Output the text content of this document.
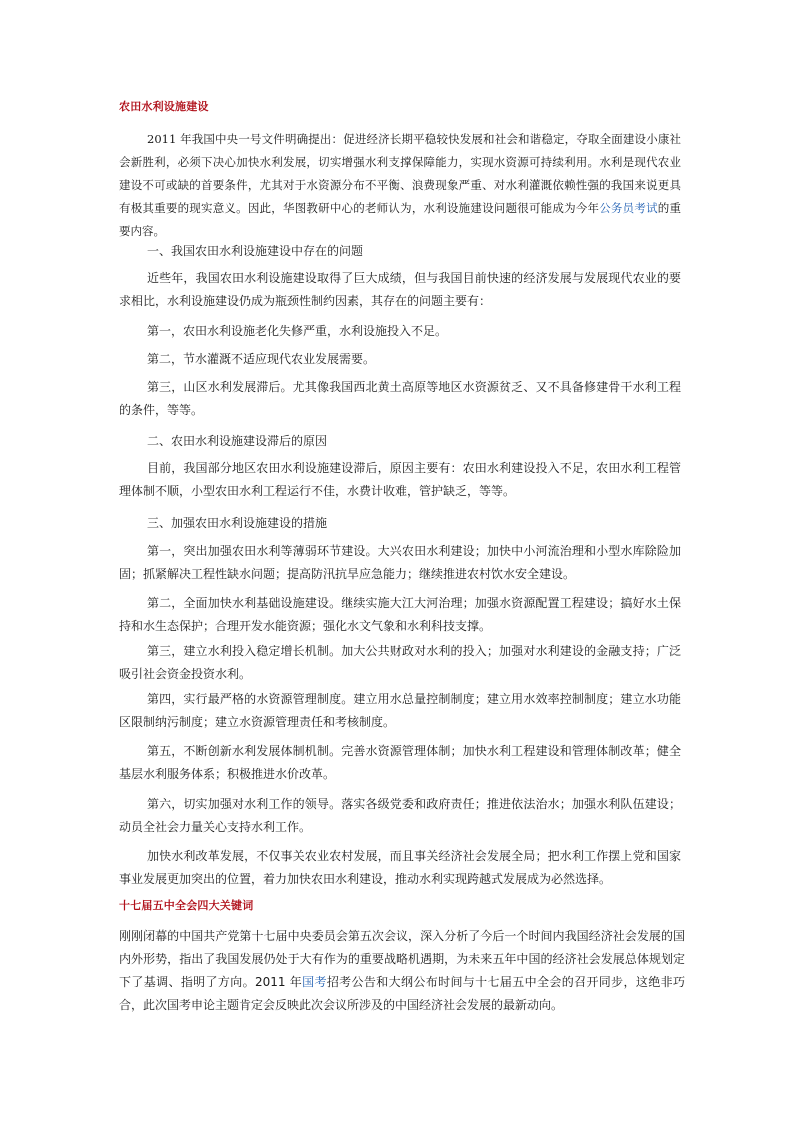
农田水利设施建设

2011 年我国中央一号文件明确提出：促进经济长期平稳较快发展和社会和谐稳定，夺取全面建设小康社会新胜利，必须下决心加快水利发展，切实增强水利支撑保障能力，实现水资源可持续利用。水利是现代农业建设不可或缺的首要条件，尤其对于水资源分布不平衡、浪费现象严重、对水利灌溉依赖性强的我国来说更具有极其重要的现实意义。因此，华图教研中心的老师认为，水利设施建设问题很可能成为今年公务员考试的重要内容。

一、我国农田水利设施建设中存在的问题

近些年，我国农田水利设施建设取得了巨大成绩，但与我国目前快速的经济发展与发展现代农业的要求相比，水利设施建设仍成为瓶颈性制约因素，其存在的问题主要有：

第一，农田水利设施老化失修严重，水利设施投入不足。

第二，节水灌溉不适应现代农业发展需要。

第三，山区水利发展滞后。尤其像我国西北黄土高原等地区水资源贫乏、又不具备修建骨干水利工程的条件，等等。

二、农田水利设施建设滞后的原因

目前，我国部分地区农田水利设施建设滞后，原因主要有：农田水利建设投入不足，农田水利工程管理体制不顺，小型农田水利工程运行不佳，水费计收难，管护缺乏，等等。

三、加强农田水利设施建设的措施

第一，突出加强农田水利等薄弱环节建设。大兴农田水利建设；加快中小河流治理和小型水库除险加固；抓紧解决工程性缺水问题；提高防汛抗旱应急能力；继续推进农村饮水安全建设。

第二，全面加快水利基础设施建设。继续实施大江大河治理；加强水资源配置工程建设；搞好水土保持和水生态保护；合理开发水能资源；强化水文气象和水利科技支撑。

第三，建立水利投入稳定增长机制。加大公共财政对水利的投入；加强对水利建设的金融支持；广泛吸引社会资金投资水利。

第四，实行最严格的水资源管理制度。建立用水总量控制制度；建立用水效率控制制度；建立水功能区限制纳污制度；建立水资源管理责任和考核制度。

第五，不断创新水利发展体制机制。完善水资源管理体制；加快水利工程建设和管理体制改革；健全基层水利服务体系；积极推进水价改革。

第六，切实加强对水利工作的领导。落实各级党委和政府责任；推进依法治水；加强水利队伍建设；动员全社会力量关心支持水利工作。

加快水利改革发展，不仅事关农业农村发展，而且事关经济社会发展全局；把水利工作摆上党和国家事业发展更加突出的位置，着力加快农田水利建设，推动水利实现跨越式发展成为必然选择。

十七届五中全会四大关键词

刚刚闭幕的中国共产党第十七届中央委员会第五次会议，深入分析了今后一个时间内我国经济社会发展的国内外形势，指出了我国发展仍处于大有作为的重要战略机遇期，为未来五年中国的经济社会发展总体规划定下了基调、指明了方向。2011 年国考招考公告和大纲公布时间与十七届五中全会的召开同步，这绝非巧合，此次国考申论主题肯定会反映此次会议所涉及的中国经济社会发展的最新动向。
